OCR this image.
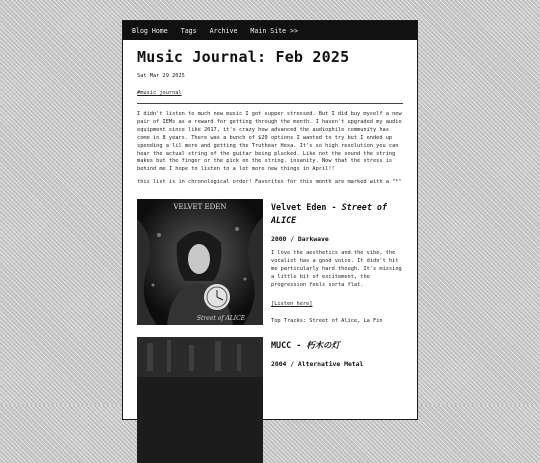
Blog Home Tags Archive Main Site >>
Music Journal: Feb 2025
Sat Mar 29 2025
#music_journal

I didn't listen to much new music I got supper stressed. But I did buy myself a new pair of IEMs as a reward for getting through the month. I haven't upgraded my audio equipment since like 2017, it's crazy how advanced the audiophile community has come in 8 years. There was a bunch of $20 options I wanted to try but I ended up spending a lil more and getting the Truthear Hexa. It's so high resolution you can hear the actual string of the guitar being plucked. Like not the sound the string makes but the finger or the pick on the string. insanity. Now that the stress is behind me I hope to listen to a lot more new things in April!!

this list is in chronological order! Favorites for this month are marked with a "*"

VELVET EDEN
Street of ALICE
Velvet Eden - Street of ALICE
2000 / Darkwave
I love the aesthetics and the vibe, the vocalist has a good voice. It didn't hit me particularly hard though. It's missing a little bit of excitement, the progression feels sorta flat.
[Listen here]
Top Tracks: Street of Alice, La Fin
MUCC - 朽木の灯
2004 / Alternative Metal
